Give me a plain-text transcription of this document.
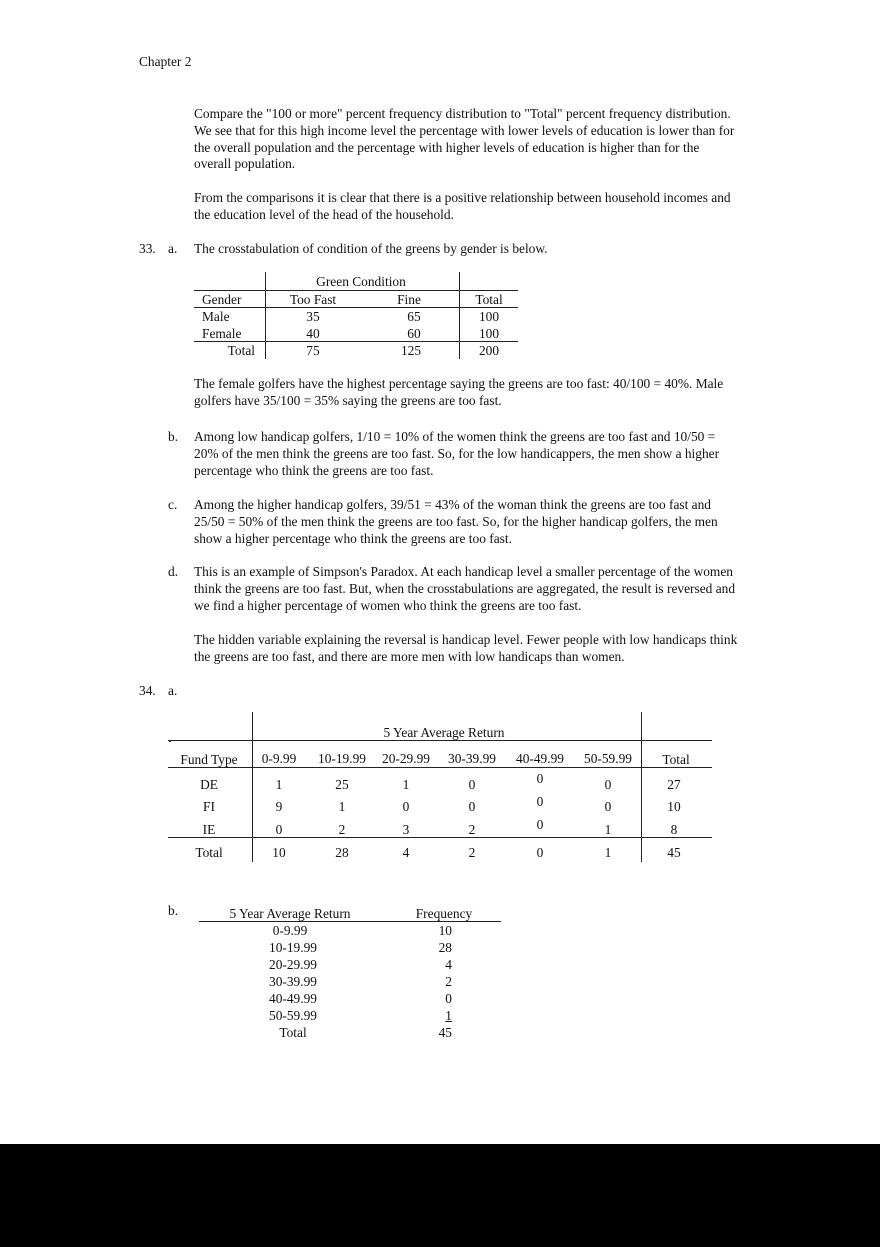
Chapter 2
Compare the "100 or more" percent frequency distribution to "Total" percent frequency distribution.
We see that for this high income level the percentage with lower levels of education is lower than for
the overall population and the percentage with higher levels of education is higher than for the
overall population.
From the comparisons it is clear that there is a positive relationship between household incomes and
the education level of the head of the household.
33. a. The crosstabulation of condition of the greens by gender is below.
Green Condition
Gender	Too Fast	Fine	Total
Male	35	65	100
Female	40	60	100
Total	75	125	200
The female golfers have the highest percentage saying the greens are too fast: 40/100 = 40%. Male
golfers have 35/100 = 35% saying the greens are too fast.
b. Among low handicap golfers, 1/10 = 10% of the women think the greens are too fast and 10/50 =
20% of the men think the greens are too fast. So, for the low handicappers, the men show a higher
percentage who think the greens are too fast.
c. Among the higher handicap golfers, 39/51 = 43% of the woman think the greens are too fast and
25/50 = 50% of the men think the greens are too fast. So, for the higher handicap golfers, the men
show a higher percentage who think the greens are too fast.
d. This is an example of Simpson's Paradox. At each handicap level a smaller percentage of the women
think the greens are too fast. But, when the crosstabulations are aggregated, the result is reversed and
we find a higher percentage of women who think the greens are too fast.
The hidden variable explaining the reversal is handicap level. Fewer people with low handicaps think
the greens are too fast, and there are more men with low handicaps than women.
34. a.
5 Year Average Return
Fund Type 0-9.99 10-19.99 20-29.99 30-39.99 40-49.99 50-59.99 Total
DE	1	25	1	0	0	0	27
FI	9	1	0	0	0	0	10
IE	0	2	3	2	0	1	8
Total	10	28	4	2	0	1	45
b.	5 Year Average Return	Frequency
0-9.99	10
10-19.99	28
20-29.99	4
30-39.99	2
40-49.99	0
50-59.99	1
Total	45
